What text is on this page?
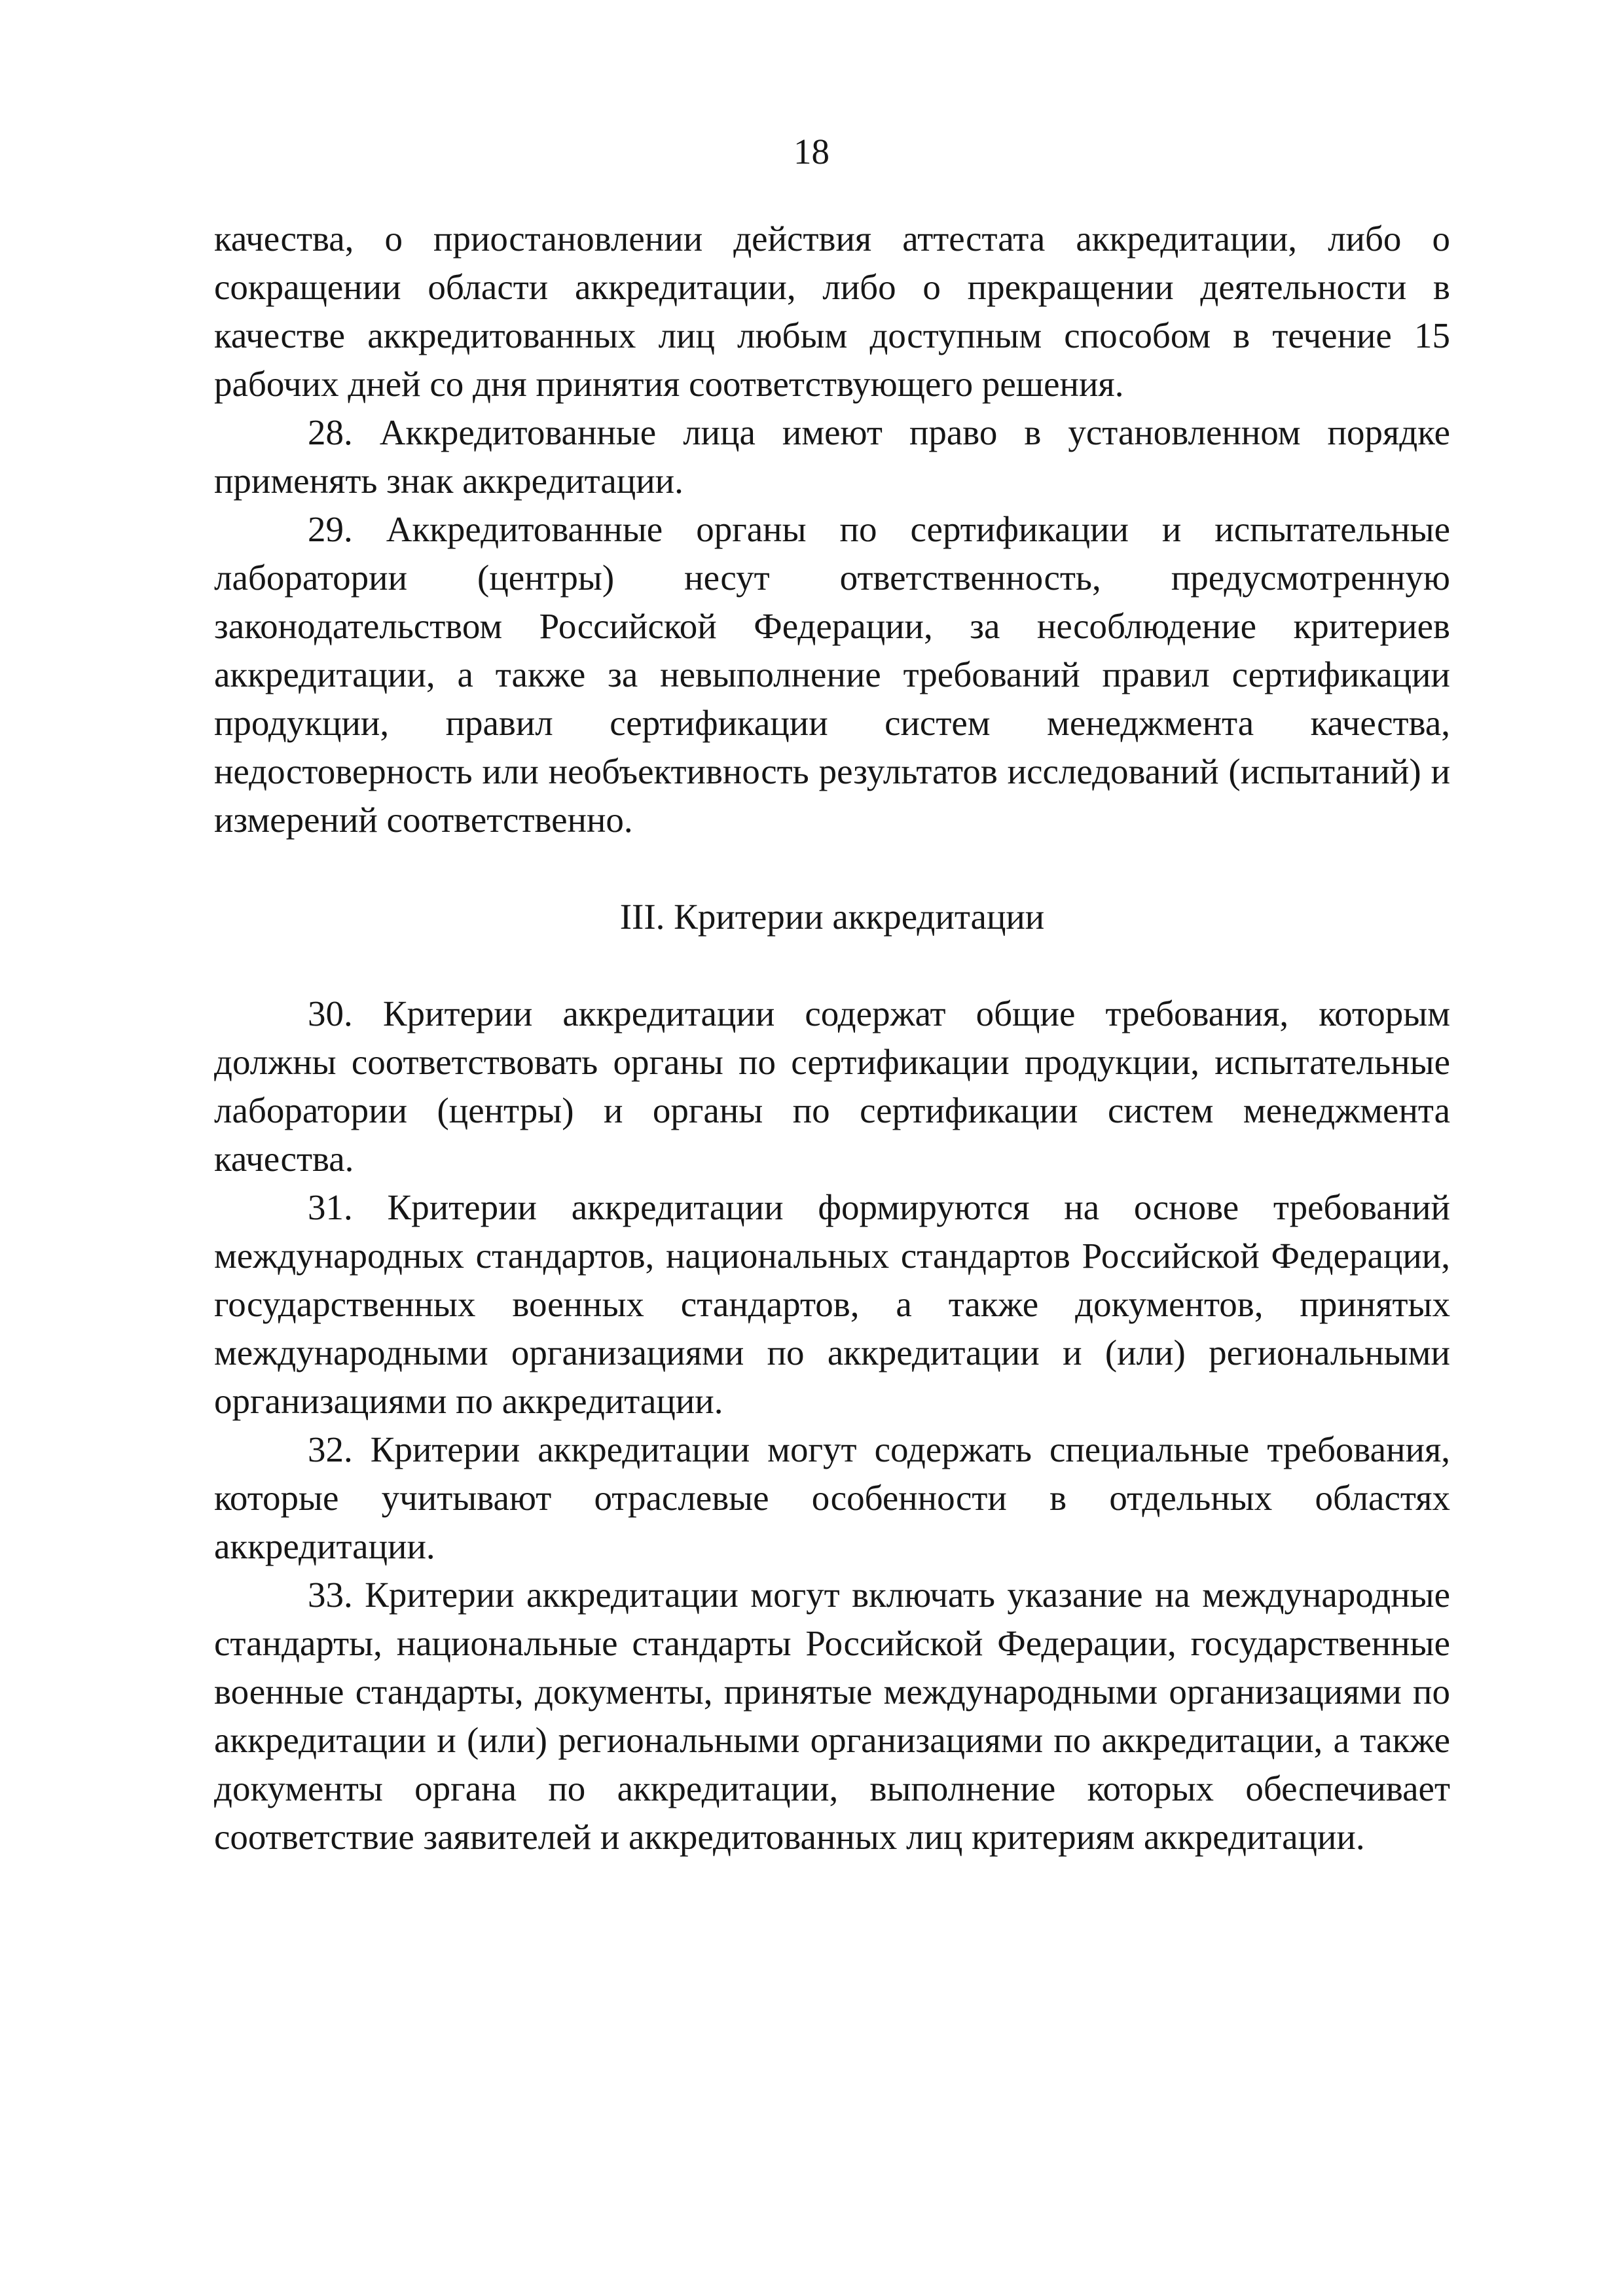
18

качества, о приостановлении действия аттестата аккредитации, либо о сокращении области аккредитации, либо о прекращении деятельности в качестве аккредитованных лиц любым доступным способом в течение 15 рабочих дней со дня принятия соответствующего решения.

28. Аккредитованные лица имеют право в установленном порядке применять знак аккредитации.

29. Аккредитованные органы по сертификации и испытательные лаборатории (центры) несут ответственность, предусмотренную законодательством Российской Федерации, за несоблюдение критериев аккредитации, а также за невыполнение требований правил сертификации продукции, правил сертификации систем менеджмента качества, недостоверность или необъективность результатов исследований (испытаний) и измерений соответственно.

III. Критерии аккредитации

30. Критерии аккредитации содержат общие требования, которым должны соответствовать органы по сертификации продукции, испытательные лаборатории (центры) и органы по сертификации систем менеджмента качества.

31. Критерии аккредитации формируются на основе требований международных стандартов, национальных стандартов Российской Федерации, государственных военных стандартов, а также документов, принятых международными организациями по аккредитации и (или) региональными организациями по аккредитации.

32. Критерии аккредитации могут содержать специальные требования, которые учитывают отраслевые особенности в отдельных областях аккредитации.

33. Критерии аккредитации могут включать указание на международные стандарты, национальные стандарты Российской Федерации, государственные военные стандарты, документы, принятые международными организациями по аккредитации и (или) региональными организациями по аккредитации, а также документы органа по аккредитации, выполнение которых обеспечивает соответствие заявителей и аккредитованных лиц критериям аккредитации.
